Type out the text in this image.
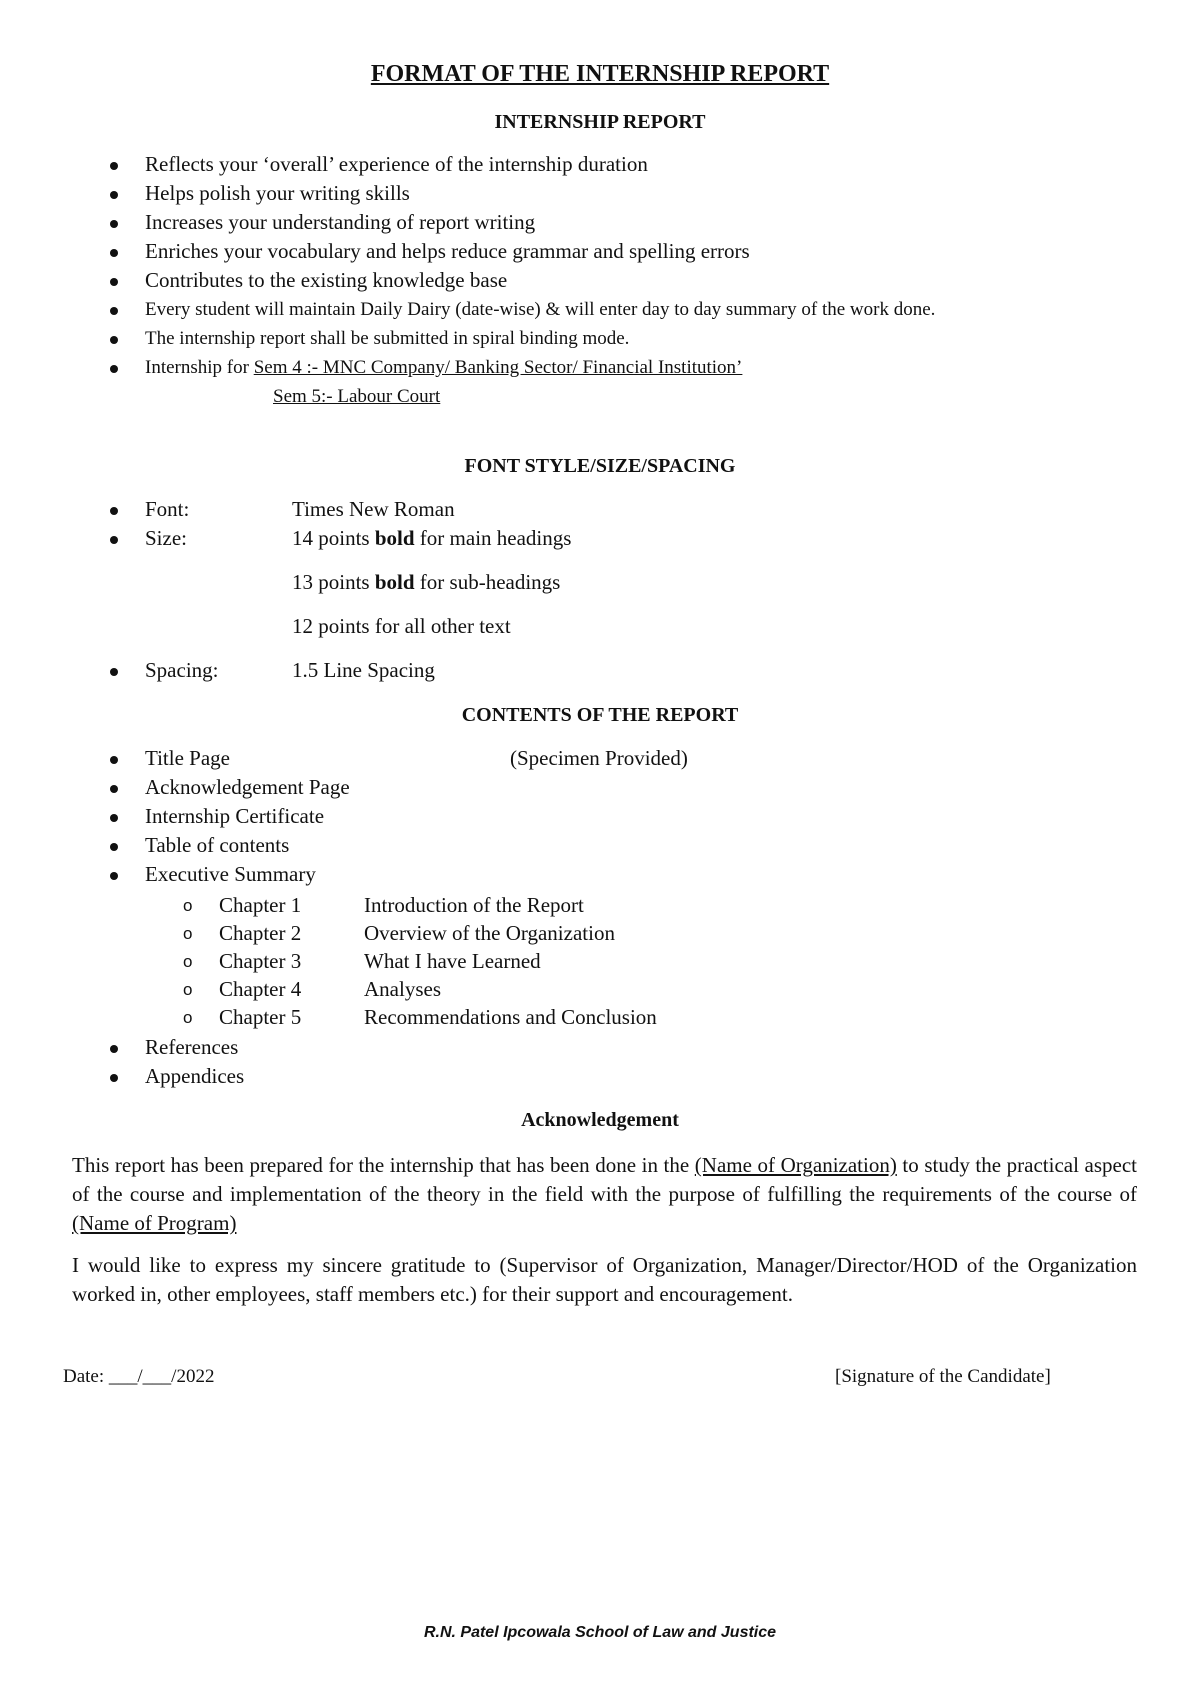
FORMAT OF THE INTERNSHIP REPORT
INTERNSHIP REPORT
Reflects your ‘overall’ experience of the internship duration
Helps polish your writing skills
Increases your understanding of report writing
Enriches your vocabulary and helps reduce grammar and spelling errors
Contributes to the existing knowledge base
Every student will maintain Daily Dairy (date-wise) & will enter day to day summary of the work done.
The internship report shall be submitted in spiral binding mode.
Internship for Sem 4 :- MNC Company/ Banking Sector/ Financial Institution’
Sem 5:- Labour Court
FONT STYLE/SIZE/SPACING
Font:	Times New Roman
Size:	14 points bold for main headings
13 points bold for sub-headings
12 points for all other text
Spacing:	1.5 Line Spacing
CONTENTS OF THE REPORT
Title Page	(Specimen Provided)
Acknowledgement Page
Internship Certificate
Table of contents
Executive Summary
o Chapter 1	Introduction of the Report
o Chapter 2	Overview of the Organization
o Chapter 3	What I have Learned
o Chapter 4	Analyses
o Chapter 5	Recommendations and Conclusion
References
Appendices
Acknowledgement
This report has been prepared for the internship that has been done in the (Name of Organization) to study the practical aspect of the course and implementation of the theory in the field with the purpose of fulfilling the requirements of the course of (Name of Program)
I would like to express my sincere gratitude to (Supervisor of Organization, Manager/Director/HOD of the Organization worked in, other employees, staff members etc.) for their support and encouragement.
Date: ___/___/2022	[Signature of the Candidate]
R.N. Patel Ipcowala School of Law and Justice
